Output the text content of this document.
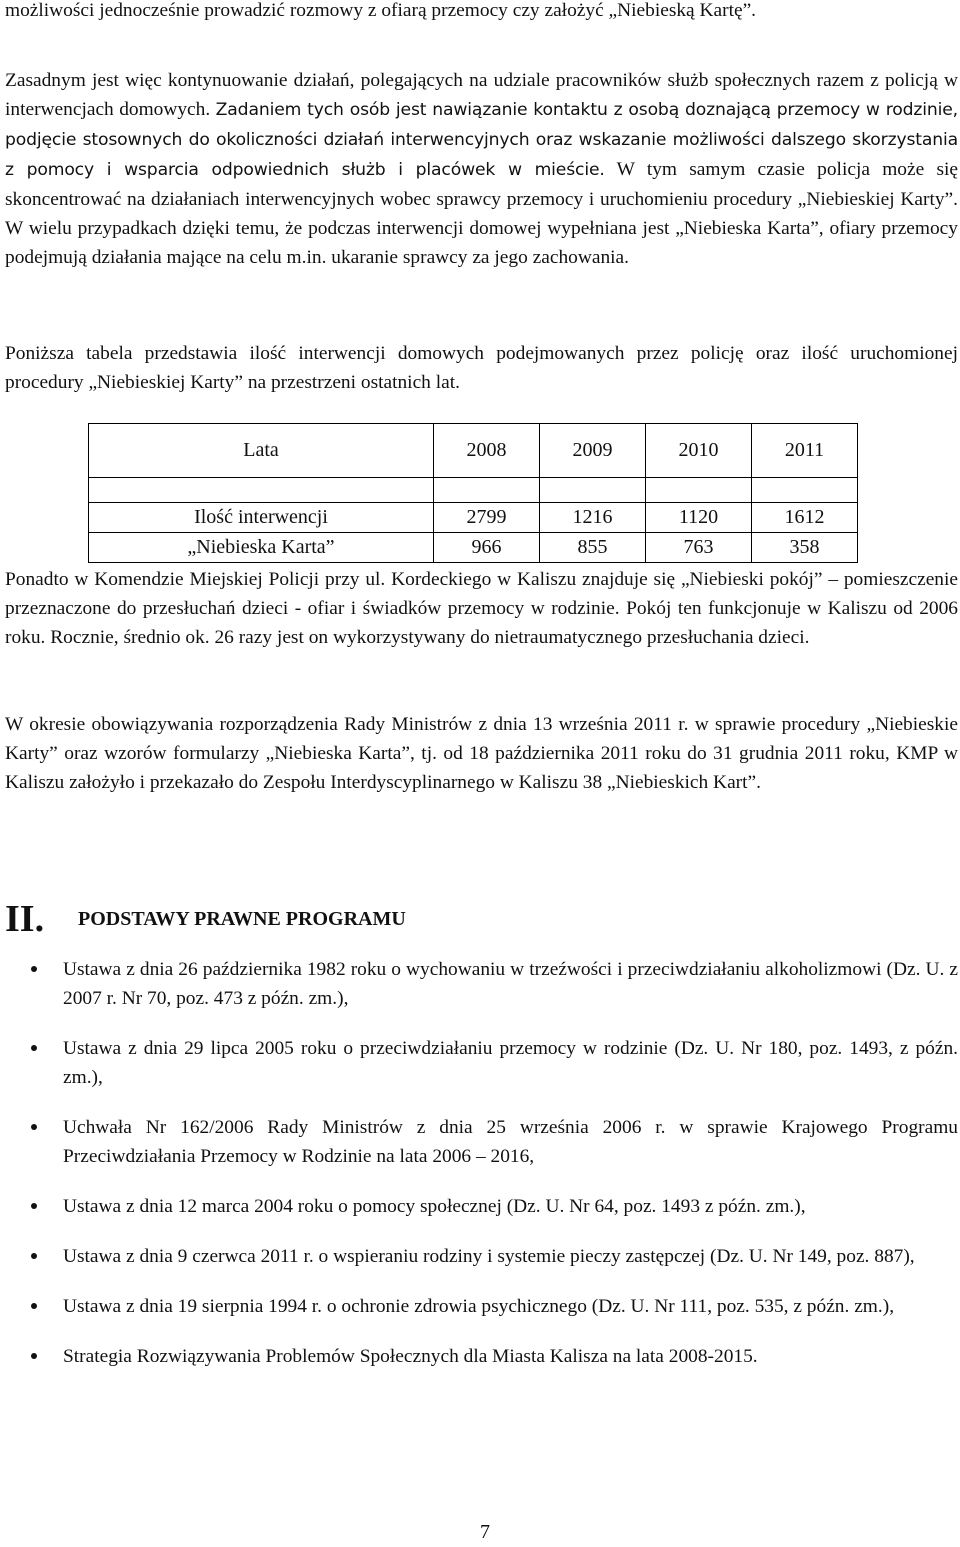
możliwości jednocześnie prowadzić rozmowy z ofiarą przemocy czy założyć „Niebieską Kartę”.

Zasadnym jest więc kontynuowanie działań, polegających na udziale pracowników służb społecznych razem z policją w interwencjach domowych. Zadaniem tych osób jest nawiązanie kontaktu z osobą doznającą przemocy w rodzinie, podjęcie stosownych do okoliczności działań interwencyjnych oraz wskazanie możliwości dalszego skorzystania z pomocy i wsparcia odpowiednich służb i placówek w mieście. W tym samym czasie policja może się skoncentrować na działaniach interwencyjnych wobec sprawcy przemocy i uruchomieniu procedury „Niebieskiej Karty”. W wielu przypadkach dzięki temu, że podczas interwencji domowej wypełniana jest „Niebieska Karta”, ofiary przemocy podejmują działania mające na celu m.in. ukaranie sprawcy za jego zachowania.

Poniższa tabela przedstawia ilość interwencji domowych podejmowanych przez policję oraz ilość uruchomionej procedury „Niebieskiej Karty” na przestrzeni ostatnich lat.

Lata	2008	2009	2010	2011

Ilość interwencji	2799	1216	1120	1612
„Niebieska Karta”	966	855	763	358

Ponadto w Komendzie Miejskiej Policji przy ul. Kordeckiego w Kaliszu znajduje się „Niebieski pokój” – pomieszczenie przeznaczone do przesłuchań dzieci - ofiar i świadków przemocy w rodzinie. Pokój ten funkcjonuje w Kaliszu od 2006 roku. Rocznie, średnio ok. 26 razy jest on wykorzystywany do nietraumatycznego przesłuchania dzieci.

W okresie obowiązywania rozporządzenia Rady Ministrów z dnia 13 września 2011 r. w sprawie procedury „Niebieskie Karty” oraz wzorów formularzy „Niebieska Karta”, tj. od 18 października 2011 roku do 31 grudnia 2011 roku, KMP w Kaliszu założyło i przekazało do Zespołu Interdyscyplinarnego w Kaliszu 38 „Niebieskich Kart”.

II. PODSTAWY PRAWNE PROGRAMU
Ustawa z dnia 26 października 1982 roku o wychowaniu w trzeźwości i przeciwdziałaniu alkoholizmowi (Dz. U. z 2007 r. Nr 70, poz. 473 z późn. zm.),
Ustawa z dnia 29 lipca 2005 roku o przeciwdziałaniu przemocy w rodzinie (Dz. U. Nr 180, poz. 1493, z późn. zm.),
Uchwała Nr 162/2006 Rady Ministrów z dnia 25 września 2006 r. w sprawie Krajowego Programu Przeciwdziałania Przemocy w Rodzinie na lata 2006 – 2016,
Ustawa z dnia 12 marca 2004 roku o pomocy społecznej (Dz. U. Nr 64, poz. 1493 z późn. zm.),
Ustawa z dnia 9 czerwca 2011 r. o wspieraniu rodziny i systemie pieczy zastępczej (Dz. U. Nr 149, poz. 887),
Ustawa z dnia 19 sierpnia 1994 r. o ochronie zdrowia psychicznego (Dz. U. Nr 111, poz. 535, z późn. zm.),
Strategia Rozwiązywania Problemów Społecznych dla Miasta Kalisza na lata 2008-2015.
7
